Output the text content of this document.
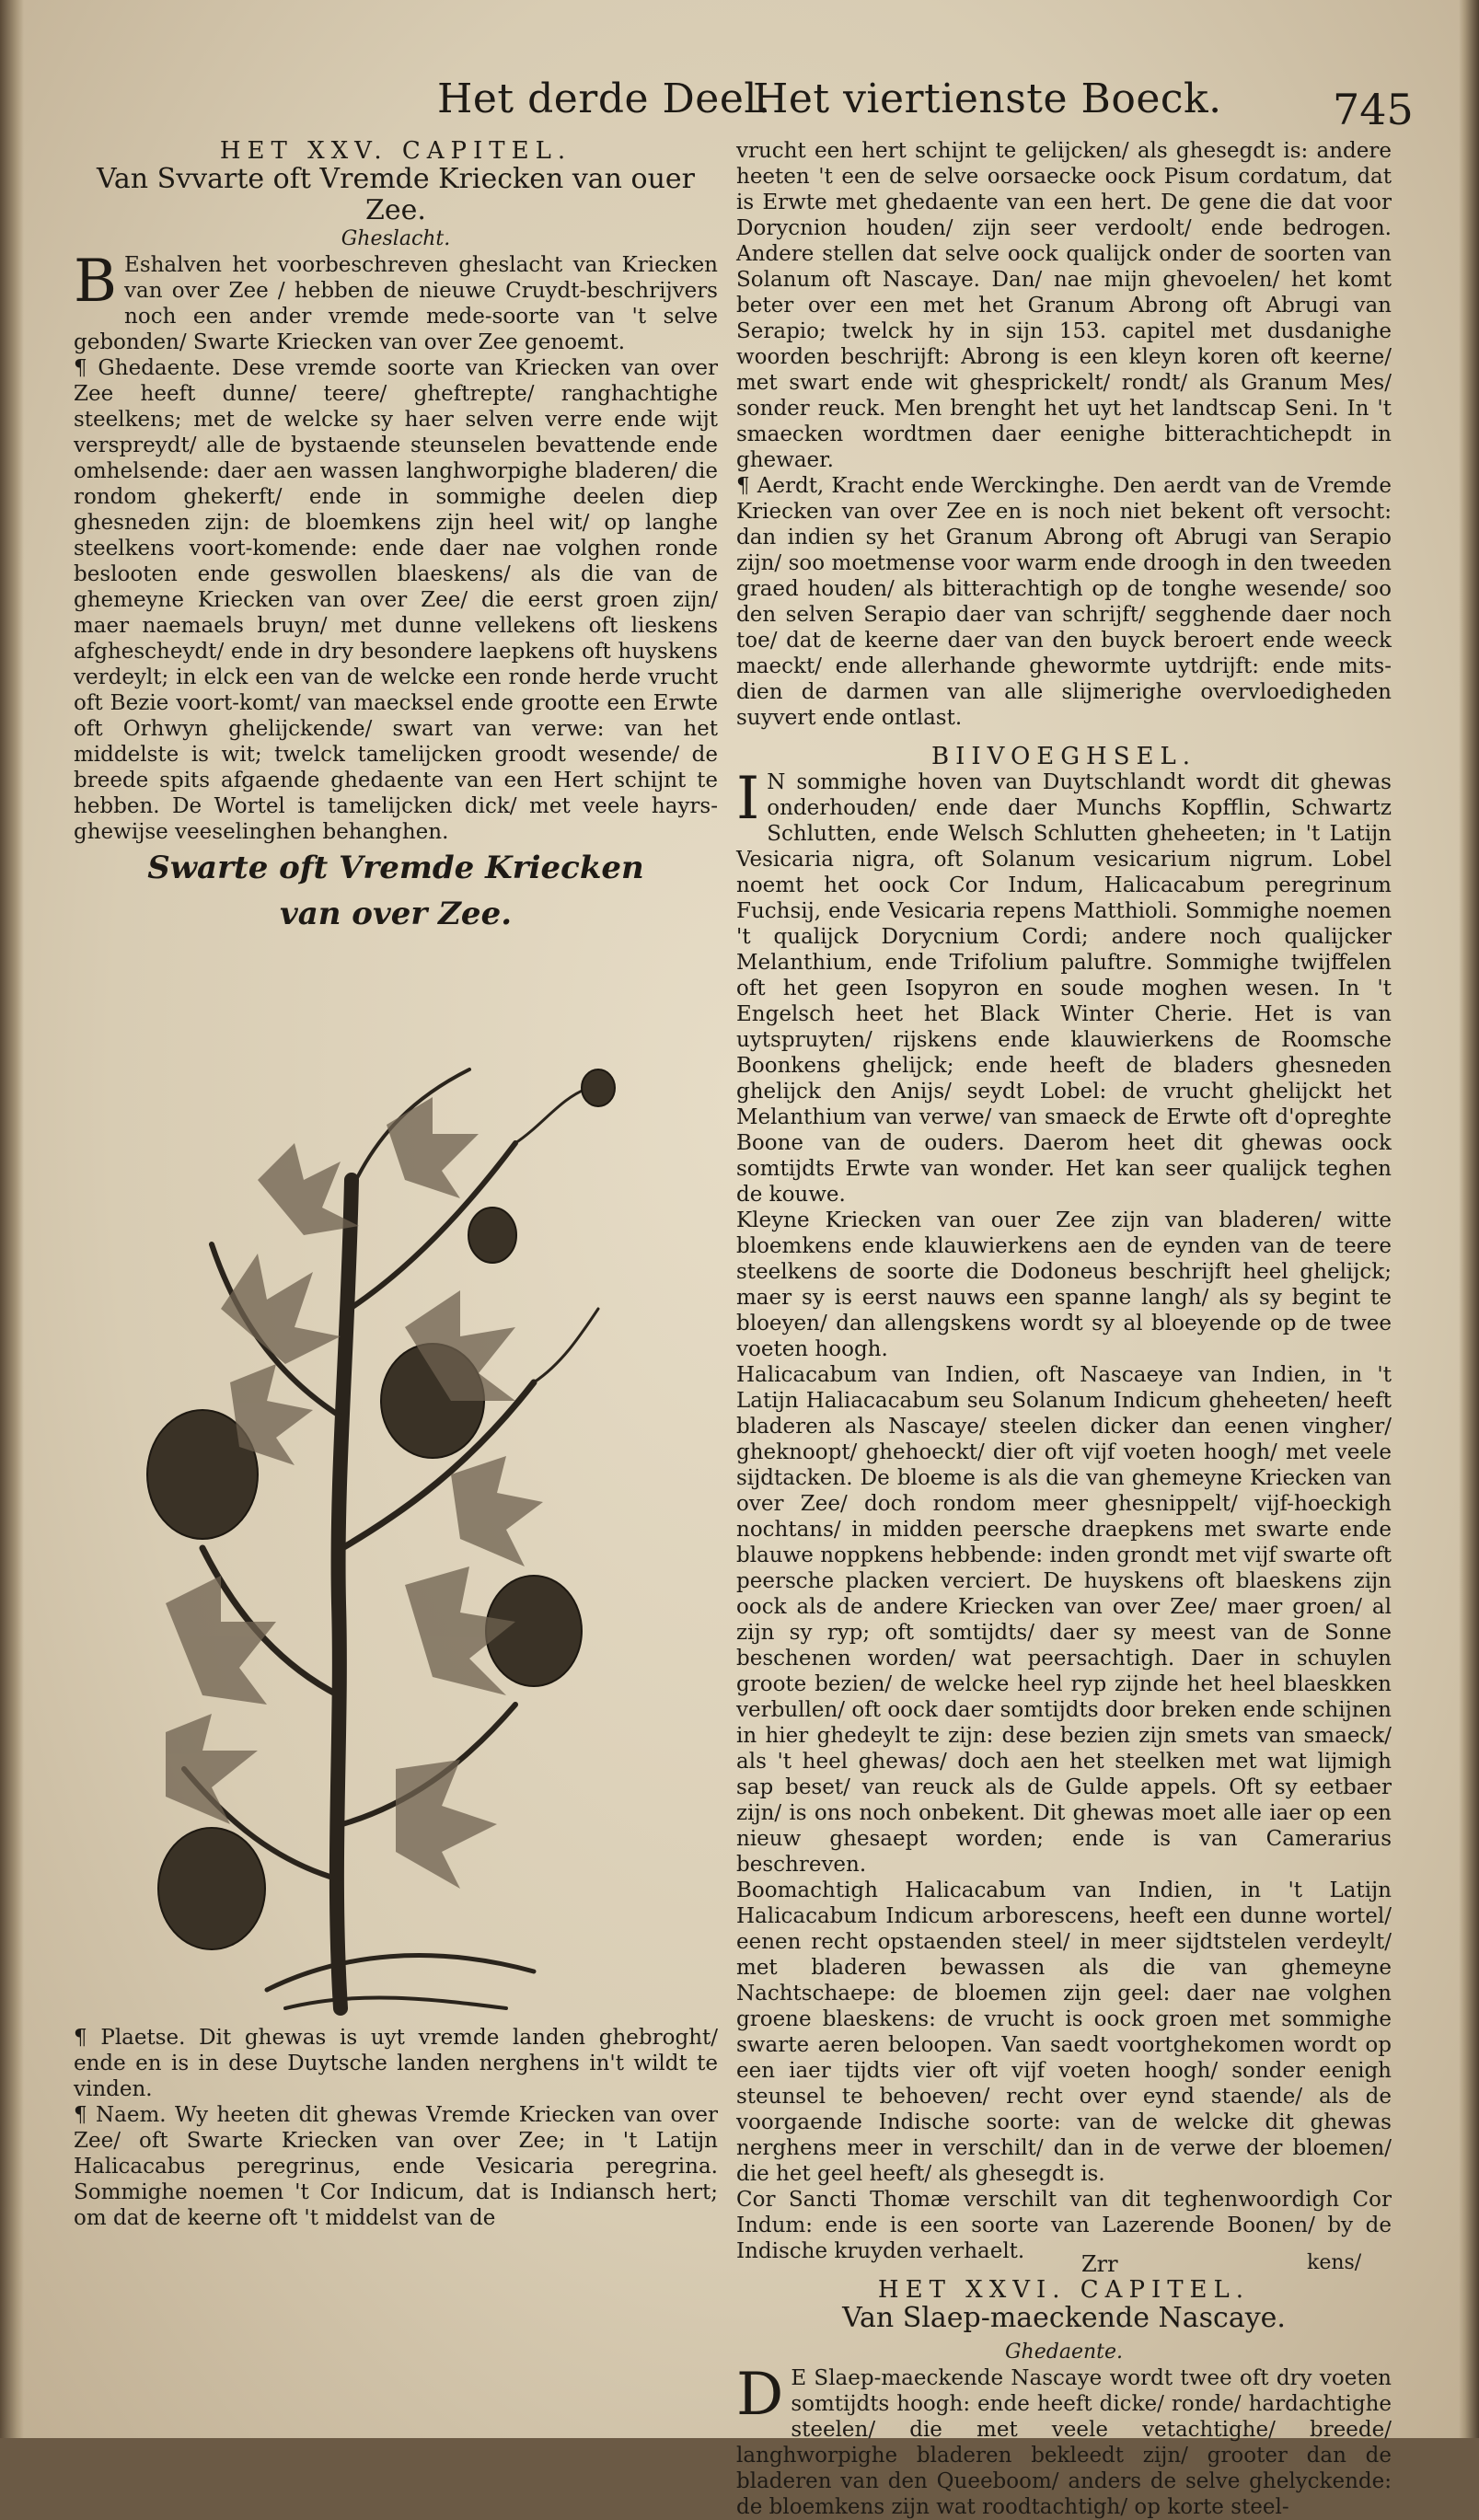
Het derde Deel.
Het viertienste Boeck.	745

HET XXV. CAPITEL.

Van Svvarte oft Vremde Kriecken van ouer Zee.

Gheslacht.

B Eshalven het voorbeschreven gheslacht van Kriecken van over Zee / hebben de nieuwe Cruydt-beschrijvers noch een ander vremde mede-soorte van 't selve gebonden/ Swarte Kriecken van over Zee genoemt.

¶ Ghedaente. Dese vremde soorte van Kriecken van over Zee heeft dunne/ teere/ gheftrepte/ ranghachtighe steelkens; met de welcke sy haer selven verre ende wijt verspreydt/ alle de bystaende steunselen bevattende ende omhelsende: daer aen wassen langhworpighe bladeren/ die rondom ghekerft/ ende in sommighe deelen diep ghesneden zijn: de bloemkens zijn heel wit/ op langhe steelkens voort-komende: ende daer nae volghen ronde beslooten ende geswollen blaeskens/ als die van de ghemeyne Kriecken van over Zee/ die eerst groen zijn/ maer naemaels bruyn/ met dunne vellekens oft lieskens afghescheydt/ ende in dry besondere laepkens oft huyskens verdeylt; in elck een van de welcke een ronde herde vrucht oft Bezie voort-komt/ van maecksel ende grootte een Erwte oft Orhwyn ghelijckende/ swart van verwe: van het middelste is wit; twelck tamelijcken groodt wesende/ de breede spits afgaende ghedaente van een Hert schijnt te hebben. De Wortel is tamelijcken dick/ met veele hayrs-ghewijse veeselinghen behanghen.

Swarte oft Vremde Kriecken
van over Zee.

¶ Plaetse. Dit ghewas is uyt vremde landen ghebroght/ ende en is in dese Duytsche landen nerghens in't wildt te vinden.

¶ Naem. Wy heeten dit ghewas Vremde Kriecken van over Zee/ oft Swarte Kriecken van over Zee; in 't Latijn Halicacabus peregrinus, ende Vesicaria peregrina. Sommighe noemen 't Cor Indicum, dat is Indiansch hert; om dat de keerne oft 't middelst van de

vrucht een hert schijnt te gelijcken/ als ghesegdt is: andere heeten 't een de selve oorsaecke oock Pisum cordatum, dat is Erwte met ghedaente van een hert. De gene die dat voor Dorycnion houden/ zijn seer verdoolt/ ende bedrogen. Andere stellen dat selve oock qualijck onder de soorten van Solanum oft Nascaye. Dan/ nae mijn ghevoelen/ het komt beter over een met het Granum Abrong oft Abrugi van Serapio; twelck hy in sijn 153. capitel met dusdanighe woorden beschrijft: Abrong is een kleyn koren oft keerne/ met swart ende wit ghesprickelt/ rondt/ als Granum Mes/ sonder reuck. Men brenght het uyt het landtscap Seni. In 't smaecken wordtmen daer eenighe bitterachtichepdt in ghewaer.

¶ Aerdt, Kracht ende Werckinghe. Den aerdt van de Vremde Kriecken van over Zee en is noch niet bekent oft versocht: dan indien sy het Granum Abrong oft Abrugi van Serapio zijn/ soo moetmense voor warm ende droogh in den tweeden graed houden/ als bitterachtigh op de tonghe wesende/ soo den selven Serapio daer van schrijft/ segghende daer noch toe/ dat de keerne daer van den buyck beroert ende weeck maeckt/ ende allerhande ghewormte uytdrijft: ende mits-dien de darmen van alle slijmerighe overvloedigheden suyvert ende ontlast.

BIIVOEGHSEL.

I N sommighe hoven van Duytschlandt wordt dit ghewas onderhouden/ ende daer Munchs Kopfflin, Schwartz Schlutten, ende Welsch Schlutten gheheeten; in 't Latijn Vesicaria nigra, oft Solanum vesicarium nigrum. Lobel noemt het oock Cor Indum, Halicacabum peregrinum Fuchsij, ende Vesicaria repens Matthioli. Sommighe noemen 't qualijck Dorycnium Cordi; andere noch qualijcker Melanthium, ende Trifolium paluftre. Sommighe twijffelen oft het geen Isopyron en soude moghen wesen. In 't Engelsch heet het Black Winter Cherie. Het is van uytspruyten/ rijskens ende klauwierkens de Roomsche Boonkens ghelijck; ende heeft de bladers ghesneden ghelijck den Anijs/ seydt Lobel: de vrucht ghelijckt het Melanthium van verwe/ van smaeck de Erwte oft d'opreghte Boone van de ouders. Daerom heet dit ghewas oock somtijdts Erwte van wonder. Het kan seer qualijck teghen de kouwe.

Kleyne Kriecken van ouer Zee zijn van bladeren/ witte bloemkens ende klauwierkens aen de eynden van de teere steelkens de soorte die Dodoneus beschrijft heel ghelijck; maer sy is eerst nauws een spanne langh/ als sy begint te bloeyen/ dan allengskens wordt sy al bloeyende op de twee voeten hoogh.

Halicacabum van Indien, oft Nascaeye van Indien, in 't Latijn Haliacacabum seu Solanum Indicum gheheeten/ heeft bladeren als Nascaye/ steelen dicker dan eenen vingher/ gheknoopt/ ghehoeckt/ dier oft vijf voeten hoogh/ met veele sijdtacken. De bloeme is als die van ghemeyne Kriecken van over Zee/ doch rondom meer ghesnippelt/ vijf-hoeckigh nochtans/ in midden peersche draepkens met swarte ende blauwe noppkens hebbende: inden grondt met vijf swarte oft peersche placken verciert. De huyskens oft blaeskens zijn oock als de andere Kriecken van over Zee/ maer groen/ al zijn sy ryp; oft somtijdts/ daer sy meest van de Sonne beschenen worden/ wat peersachtigh. Daer in schuylen groote bezien/ de welcke heel ryp zijnde het heel blaeskken verbullen/ oft oock daer somtijdts door breken ende schijnen in hier ghedeylt te zijn: dese bezien zijn smets van smaeck/ als 't heel ghewas/ doch aen het steelken met wat lijmigh sap beset/ van reuck als de Gulde appels. Oft sy eetbaer zijn/ is ons noch onbekent. Dit ghewas moet alle iaer op een nieuw ghesaept worden; ende is van Camerarius beschreven.

Boomachtigh Halicacabum van Indien, in 't Latijn Halicacabum Indicum arborescens, heeft een dunne wortel/ eenen recht opstaenden steel/ in meer sijdtstelen verdeylt/ met bladeren bewassen als die van ghemeyne Nachtschaepe: de bloemen zijn geel: daer nae volghen groene blaeskens: de vrucht is oock groen met sommighe swarte aeren beloopen. Van saedt voortghekomen wordt op een iaer tijdts vier oft vijf voeten hoogh/ sonder eenigh steunsel te behoeven/ recht over eynd staende/ als de voorgaende Indische soorte: van de welcke dit ghewas nerghens meer in verschilt/ dan in de verwe der bloemen/ die het geel heeft/ als ghesegdt is.

Cor Sancti Thomæ verschilt van dit teghenwoordigh Cor Indum: ende is een soorte van Lazerende Boonen/ by de Indische kruyden verhaelt.

HET XXVI. CAPITEL.

Van Slaep-maeckende Nascaye.

Ghedaente.

D E Slaep-maeckende Nascaye wordt twee oft dry voeten somtijdts hoogh: ende heeft dicke/ ronde/ hardachtighe steelen/ die met veele vetachtighe/ breede/ langhworpighe bladeren bekleedt zijn/ grooter dan de bladeren van den Queeboom/ anders de selve ghelyckende: de bloemkens zijn wat roodtachtigh/ op korte steel-

Zrr	kens/
